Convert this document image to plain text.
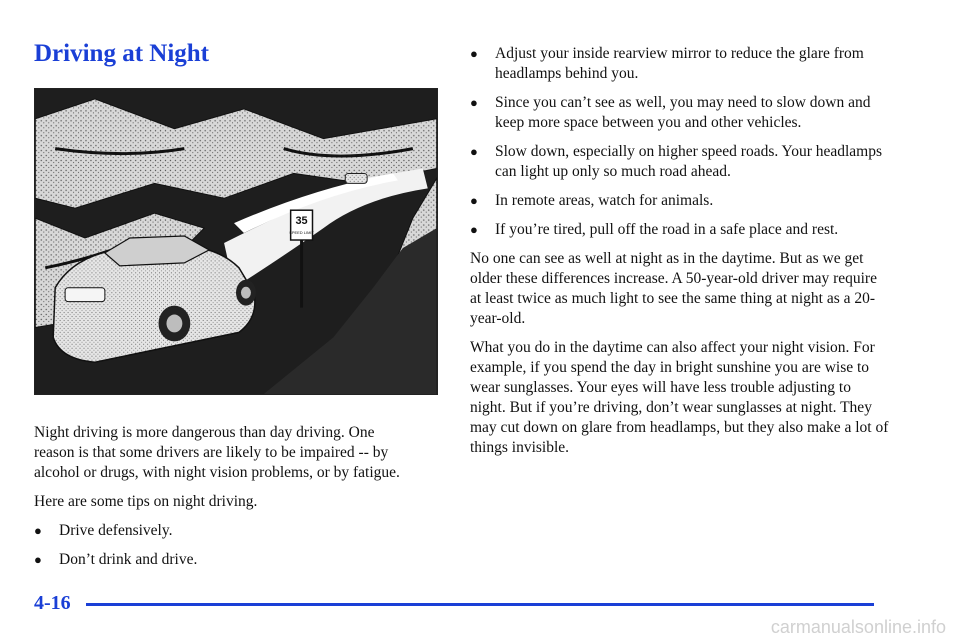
Driving at Night
35
SPEED LIMIT

Night driving is more dangerous than day driving. One reason is that some drivers are likely to be impaired -- by alcohol or drugs, with night vision problems, or by fatigue.

Here are some tips on night driving.

●	Drive defensively.
●	Don’t drink and drive.
●	Adjust your inside rearview mirror to reduce the glare from headlamps behind you.
●	Since you can’t see as well, you may need to slow down and keep more space between you and other vehicles.
●	Slow down, especially on higher speed roads. Your headlamps can light up only so much road ahead.
●	In remote areas, watch for animals.
●	If you’re tired, pull off the road in a safe place and rest.

No one can see as well at night as in the daytime. But as we get older these differences increase. A 50-year-old driver may require at least twice as much light to see the same thing at night as a 20-year-old.

What you do in the daytime can also affect your night vision. For example, if you spend the day in bright sunshine you are wise to wear sunglasses. Your eyes will have less trouble adjusting to night. But if you’re driving, don’t wear sunglasses at night. They may cut down on glare from headlamps, but they also make a lot of things invisible.

4-16
carmanualsonline.info
